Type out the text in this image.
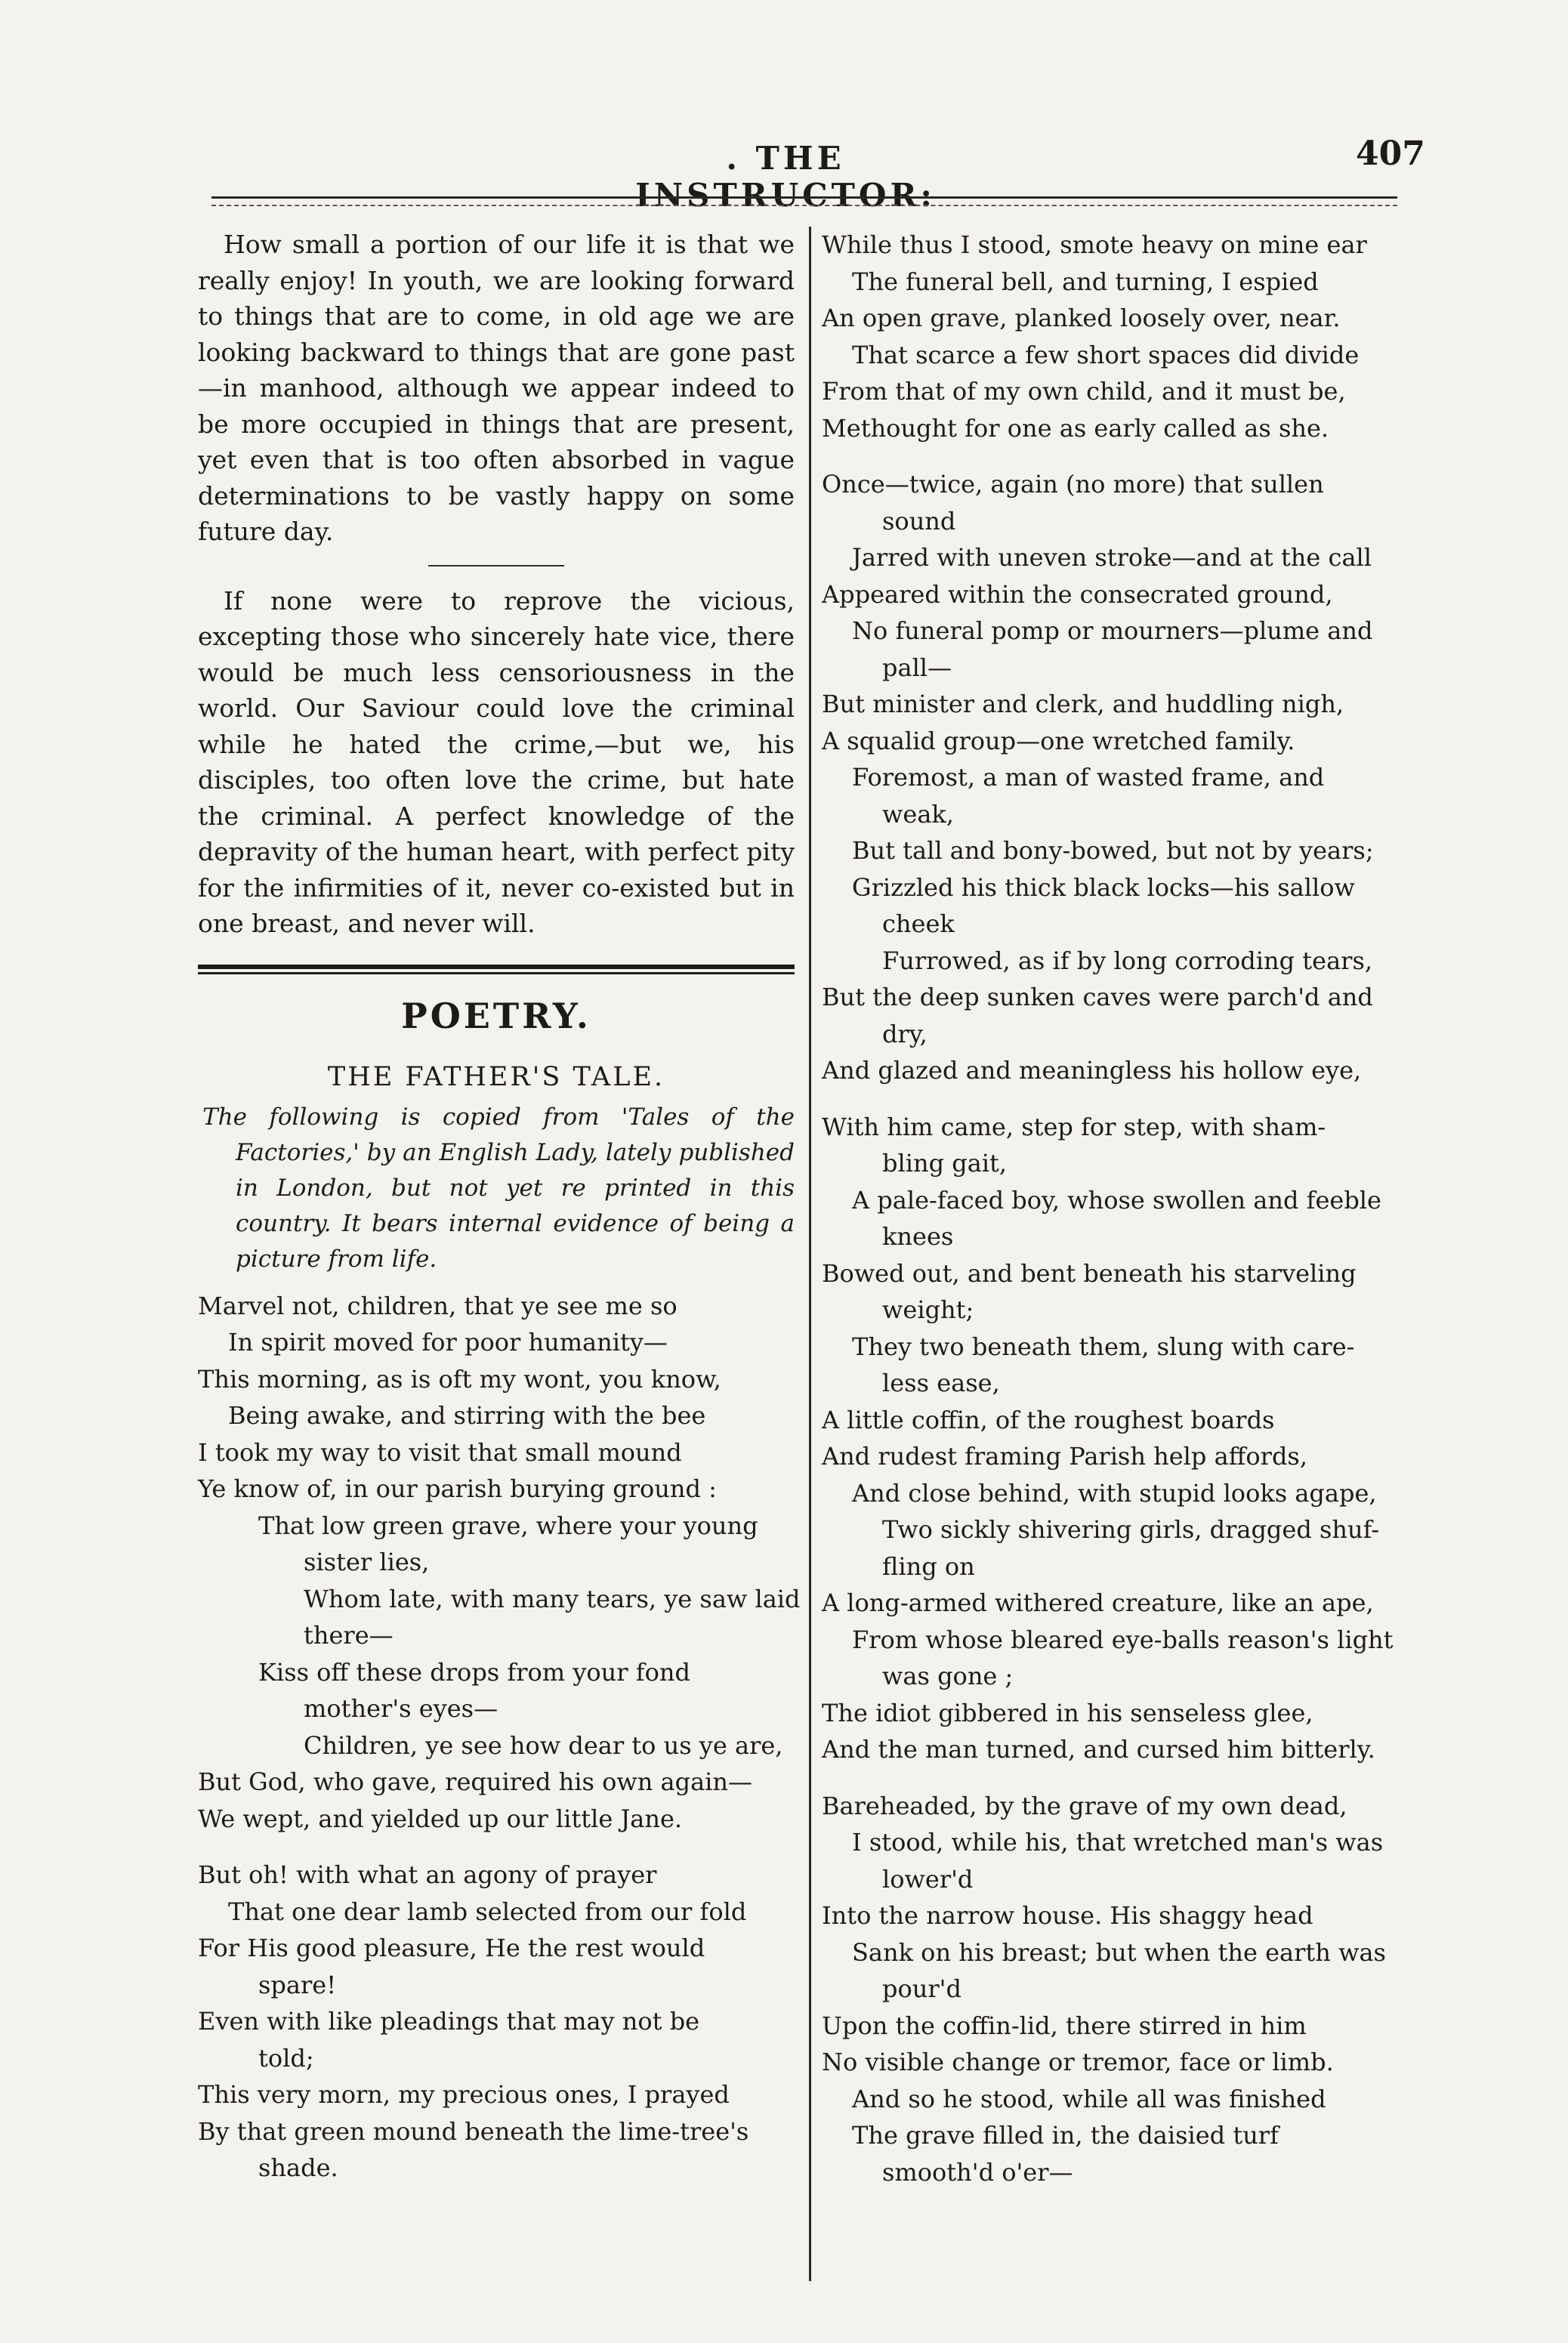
. THE INSTRUCTOR:
407

How small a portion of our life it is that we really enjoy! In youth, we are looking forward to things that are to come, in old age we are looking backward to things that are gone past—in manhood, although we appear indeed to be more occupied in things that are present, yet even that is too often absorbed in vague determinations to be vastly happy on some future day.

If none were to reprove the vicious, excepting those who sincerely hate vice, there would be much less censoriousness in the world. Our Saviour could love the criminal while he hated the crime,—but we, his disciples, too often love the crime, but hate the criminal. A perfect knowledge of the depravity of the human heart, with perfect pity for the infirmities of it, never co-existed but in one breast, and never will.

POETRY.
THE FATHER'S TALE.

The following is copied from 'Tales of the Factories,' by an English Lady, lately published in London, but not yet re printed in this country. It bears internal evidence of being a picture from life.

Marvel not, children, that ye see me so
In spirit moved for poor humanity—
This morning, as is oft my wont, you know,
Being awake, and stirring with the bee
I took my way to visit that small mound
Ye know of, in our parish burying ground :
That low green grave, where your young
sister lies,
Whom late, with many tears, ye saw laid
there—
Kiss off these drops from your fond
mother's eyes—
Children, ye see how dear to us ye are,
But God, who gave, required his own again—
We wept, and yielded up our little Jane.
But oh! with what an agony of prayer
That one dear lamb selected from our fold
For His good pleasure, He the rest would
spare!
Even with like pleadings that may not be
told;
This very morn, my precious ones, I prayed
By that green mound beneath the lime-tree's
shade.
While thus I stood, smote heavy on mine ear
The funeral bell, and turning, I espied
An open grave, planked loosely over, near.
That scarce a few short spaces did divide
From that of my own child, and it must be,
Methought for one as early called as she.
Once—twice, again (no more) that sullen
sound
Jarred with uneven stroke—and at the call
Appeared within the consecrated ground,
No funeral pomp or mourners—plume and
pall—
But minister and clerk, and huddling nigh,
A squalid group—one wretched family.
Foremost, a man of wasted frame, and
weak,
But tall and bony-bowed, but not by years;
Grizzled his thick black locks—his sallow
cheek
Furrowed, as if by long corroding tears,
But the deep sunken caves were parch'd and
dry,
And glazed and meaningless his hollow eye,
With him came, step for step, with sham-
bling gait,
A pale-faced boy, whose swollen and feeble
knees
Bowed out, and bent beneath his starveling
weight;
They two beneath them, slung with care-
less ease,
A little coffin, of the roughest boards
And rudest framing Parish help affords,
And close behind, with stupid looks agape,
Two sickly shivering girls, dragged shuf-
fling on
A long-armed withered creature, like an ape,
From whose bleared eye-balls reason's light
was gone ;
The idiot gibbered in his senseless glee,
And the man turned, and cursed him bitterly.
Bareheaded, by the grave of my own dead,
I stood, while his, that wretched man's was
lower'd
Into the narrow house. His shaggy head
Sank on his breast; but when the earth was
pour'd
Upon the coffin-lid, there stirred in him
No visible change or tremor, face or limb.
And so he stood, while all was finished
The grave filled in, the daisied turf
smooth'd o'er—
